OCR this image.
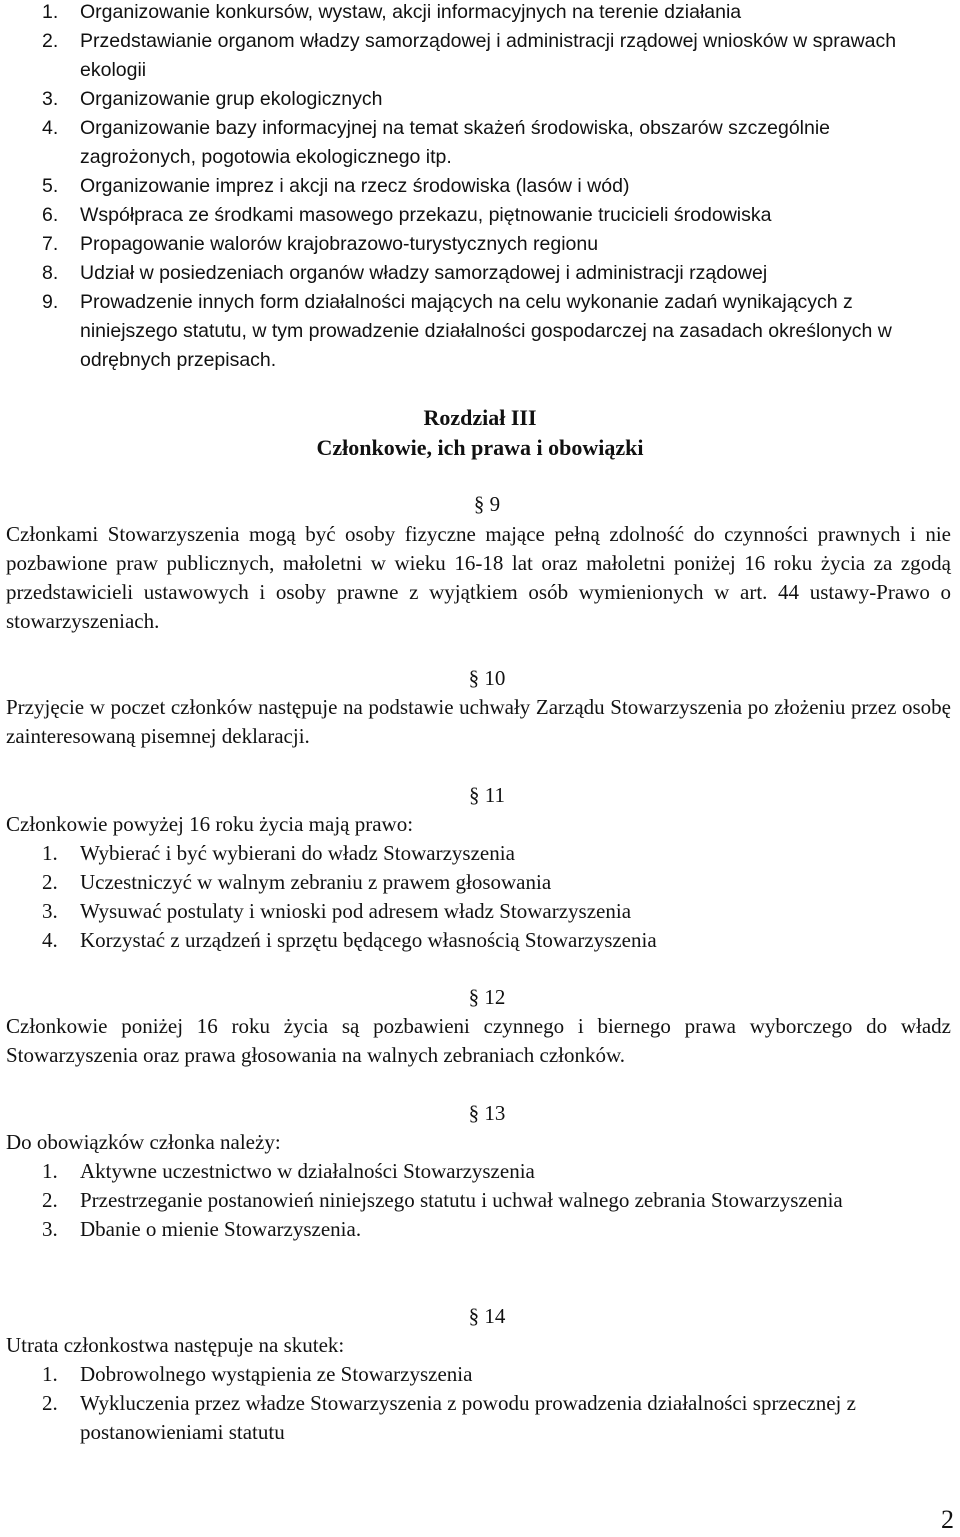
1. Organizowanie konkursów, wystaw, akcji informacyjnych na terenie działania
2. Przedstawianie organom władzy samorządowej i administracji rządowej wniosków w sprawach ekologii
3. Organizowanie grup ekologicznych
4. Organizowanie bazy informacyjnej na temat skażeń środowiska, obszarów szczególnie zagrożonych, pogotowia ekologicznego itp.
5. Organizowanie imprez i akcji na rzecz środowiska (lasów i wód)
6. Współpraca ze środkami masowego przekazu, piętnowanie trucicieli środowiska
7. Propagowanie walorów krajobrazowo-turystycznych regionu
8. Udział w posiedzeniach organów władzy samorządowej i administracji rządowej
9. Prowadzenie innych form działalności mających na celu wykonanie zadań wynikających z niniejszego statutu, w tym prowadzenie działalności gospodarczej na zasadach określonych w odrębnych przepisach.
Rozdział III
Członkowie, ich prawa i obowiązki
§ 9
Członkami Stowarzyszenia mogą być osoby fizyczne mające pełną zdolność do czynności prawnych i nie pozbawione praw publicznych, małoletni w wieku 16-18 lat oraz małoletni poniżej 16 roku życia za zgodą przedstawicieli ustawowych i osoby prawne z wyjątkiem osób wymienionych w art. 44 ustawy-Prawo o stowarzyszeniach.
§ 10
Przyjęcie w poczet członków następuje na podstawie uchwały Zarządu Stowarzyszenia po złożeniu przez osobę zainteresowaną pisemnej deklaracji.
§ 11
Członkowie powyżej 16 roku życia mają prawo:
1. Wybierać i być wybierani do władz Stowarzyszenia
2. Uczestniczyć w walnym zebraniu z prawem głosowania
3. Wysuwać postulaty i wnioski pod adresem władz Stowarzyszenia
4. Korzystać z urządzeń i sprzętu będącego własnością Stowarzyszenia
§ 12
Członkowie poniżej 16 roku życia są pozbawieni czynnego i biernego prawa wyborczego do władz Stowarzyszenia oraz prawa głosowania na walnych zebraniach członków.
§ 13
Do obowiązków członka należy:
1. Aktywne uczestnictwo w działalności Stowarzyszenia
2. Przestrzeganie postanowień niniejszego statutu i uchwał walnego zebrania Stowarzyszenia
3. Dbanie o mienie Stowarzyszenia.
§ 14
Utrata członkostwa następuje na skutek:
1. Dobrowolnego wystąpienia ze Stowarzyszenia
2. Wykluczenia przez władze Stowarzyszenia z powodu prowadzenia działalności sprzecznej z postanowieniami statutu
2
